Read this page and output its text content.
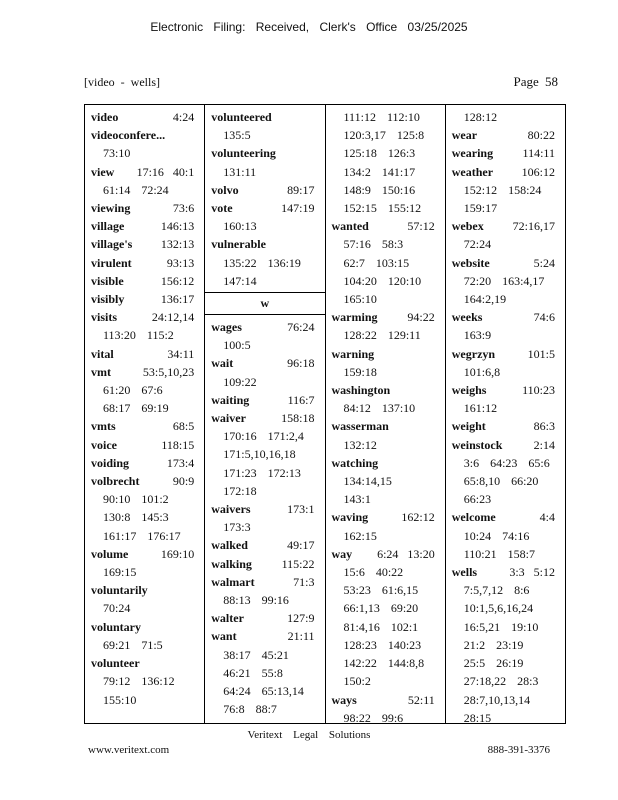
Electronic Filing: Received, Clerk's Office 03/25/2025
[video - wells]	Page 58
video	4:24
videoconfere...
73:10
view 17:16 40:1
61:14 72:24
viewing	73:6
village	146:13
village's 132:13
virulent	93:13
visible	156:12
visibly	136:17
visits	24:12,14
113:20 115:2
vital	34:11
vmt	53:5,10,23
61:20 67:6
68:17 69:19
vmts	68:5
voice	118:15
voiding	173:4
volbrecht	90:9
90:10 101:2
130:8 145:3
161:17 176:17
volume	169:10
169:15
voluntarily
70:24
voluntary
69:21 71:5
volunteer
79:12 136:12
155:10
volunteered
135:5
volunteering
131:11
volvo	89:17
vote	147:19
160:13
vulnerable
135:22 136:19
147:14
w
wages	76:24
100:5
wait	96:18
109:22
waiting	116:7
waiver	158:18
170:16 171:2,4
171:5,10,16,18
171:23 172:13
172:18
waivers	173:1
173:3
walked	49:17
walking 115:22
walmart	71:3
88:13 99:16
walter	127:9
want	21:11
38:17 45:21
46:21 55:8
64:24 65:13,14
76:8 88:7
111:12 112:10
120:3,17 125:8
125:18 126:3
134:2 141:17
148:9 150:16
152:15 155:12
wanted	57:12
57:16 58:3
62:7 103:15
104:20 120:10
165:10
warming 94:22
128:22 129:11
warning
159:18
washington
84:12 137:10
wasserman
132:12
watching
134:14,15
143:1
waving	162:12
162:15
way 6:24 13:20
15:6 40:22
53:23 61:6,15
66:1,13 69:20
81:4,16 102:1
128:23 140:23
142:22 144:8,8
150:2
ways	52:11
98:22 99:6
128:12
wear	80:22
wearing 114:11
weather 106:12
152:12 158:24
159:17
webex 72:16,17
72:24
website	5:24
72:20 163:4,17
164:2,19
weeks	74:6
163:9
wegrzyn	101:5
101:6,8
weighs	110:23
161:12
weight	86:3
weinstock	2:14
3:6 64:23 65:6
65:8,10 66:20
66:23
welcome	4:4
10:24 74:16
110:21 158:7
wells	3:3 5:12
7:5,7,12 8:6
10:1,5,6,16,24
16:5,21 19:10
21:2 23:19
25:5 26:19
27:18,22 28:3
28:7,10,13,14
28:15
Veritext Legal Solutions
www.veritext.com	888-391-3376
